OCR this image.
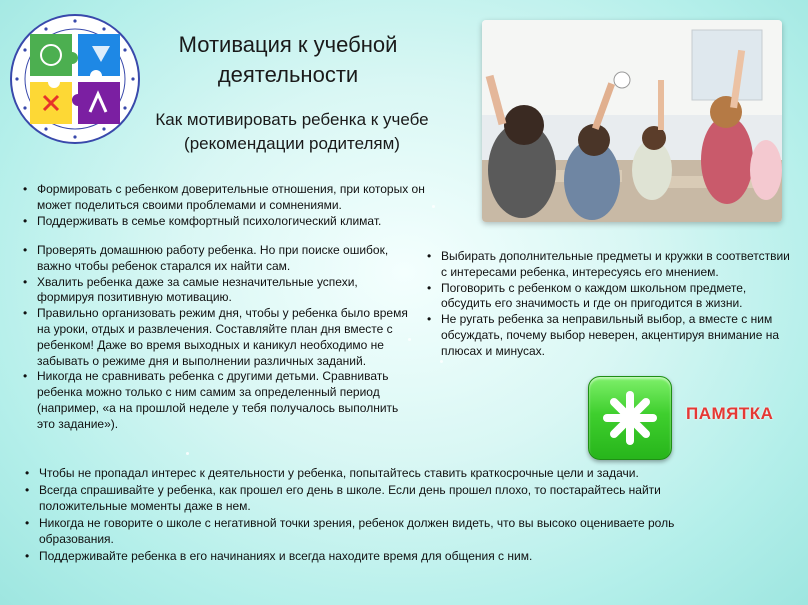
Мотивация к учебной деятельности
Как мотивировать ребенка к учебе (рекомендации родителям)
• Формировать с ребенком доверительные отношения, при которых он может поделиться своими проблемами и сомнениями.
• Поддерживать в семье комфортный психологический климат.
• Проверять домашнюю работу ребенка. Но при поиске ошибок, важно чтобы ребенок старался их найти сам.
• Хвалить ребенка даже за самые незначительные успехи, формируя позитивную мотивацию.
• Правильно организовать режим дня, чтобы у ребенка было время на уроки, отдых и развлечения. Составляйте план дня вместе с ребенком! Даже во время выходных и каникул необходимо не забывать о режиме дня и выполнении различных заданий.
• Никогда не сравнивать ребенка с другими детьми. Сравнивать ребенка можно только с ним самим за определенный период (например, «а на прошлой неделе у тебя получалось выполнить это задание»).
• Выбирать дополнительные предметы и кружки в соответствии с интересами ребенка, интересуясь его мнением.
• Поговорить с ребенком о каждом школьном предмете, обсудить его значимость и где он пригодится в жизни.
• Не ругать ребенка за неправильный выбор, а вместе с ним обсуждать, почему выбор неверен, акцентируя внимание на плюсах и минусах.
ПАМЯТКА
• Чтобы не пропадал интерес к деятельности у ребенка, попытайтесь ставить краткосрочные цели и задачи.
• Всегда спрашивайте у ребенка, как прошел его день в школе. Если день прошел плохо, то постарайтесь найти положительные моменты даже в нем.
• Никогда не говорите о школе с негативной точки зрения, ребенок должен видеть, что вы высоко оцениваете роль образования.
• Поддерживайте ребенка в его начинаниях и всегда находите время для общения с ним.
